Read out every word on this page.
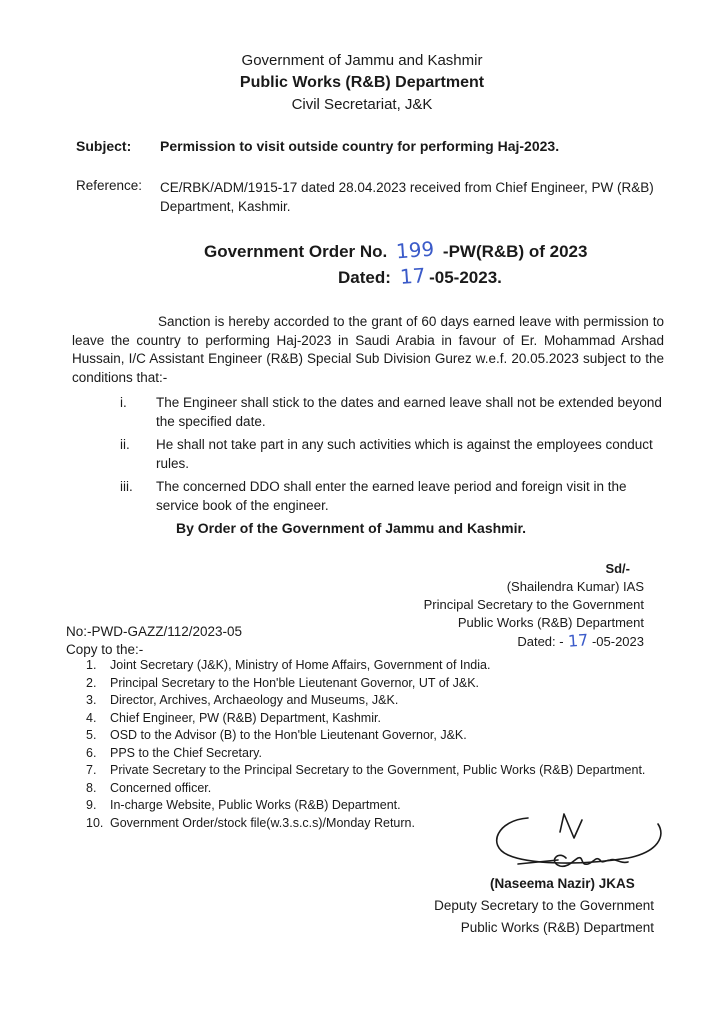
Government of Jammu and Kashmir
Public Works (R&B) Department
Civil Secretariat, J&K
Subject: Permission to visit outside country for performing Haj-2023.
Reference: CE/RBK/ADM/1915-17 dated 28.04.2023 received from Chief Engineer, PW (R&B) Department, Kashmir.
Government Order No. 199 -PW(R&B) of 2023
Dated: 17 -05-2023.
Sanction is hereby accorded to the grant of 60 days earned leave with permission to leave the country to performing Haj-2023 in Saudi Arabia in favour of Er. Mohammad Arshad Hussain, I/C Assistant Engineer (R&B) Special Sub Division Gurez w.e.f. 20.05.2023 subject to the conditions that:-
i.	The Engineer shall stick to the dates and earned leave shall not be extended beyond the specified date.
ii.	He shall not take part in any such activities which is against the employees conduct rules.
iii.	The concerned DDO shall enter the earned leave period and foreign visit in the service book of the engineer.
By Order of the Government of Jammu and Kashmir.
Sd/-
(Shailendra Kumar) IAS
Principal Secretary to the Government
Public Works (R&B) Department
Dated: - 17 -05-2023
No:-PWD-GAZZ/112/2023-05
Copy to the:-
1. Joint Secretary (J&K), Ministry of Home Affairs, Government of India.
2. Principal Secretary to the Hon'ble Lieutenant Governor, UT of J&K.
3. Director, Archives, Archaeology and Museums, J&K.
4. Chief Engineer, PW (R&B) Department, Kashmir.
5. OSD to the Advisor (B) to the Hon'ble Lieutenant Governor, J&K.
6. PPS to the Chief Secretary.
7. Private Secretary to the Principal Secretary to the Government, Public Works (R&B) Department.
8. Concerned officer.
9. In-charge Website, Public Works (R&B) Department.
10. Government Order/stock file(w.3.s.c.s)/Monday Return.
(Naseema Nazir) JKAS
Deputy Secretary to the Government
Public Works (R&B) Department
